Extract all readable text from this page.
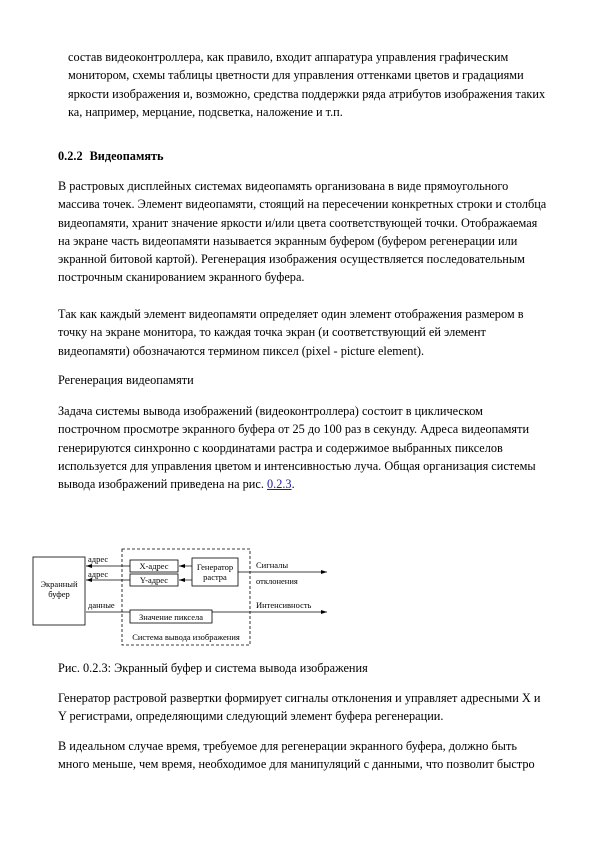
состав видеоконтроллера, как правило, входит аппаратура управления графическим монитором, схемы таблицы цветности для управления оттенками цветов и градациями яркости изображения и, возможно, средства поддержки ряда атрибутов изображения таких ка, например, мерцание, подсветка, наложение и т.п.
0.2.2 Видеопамять
В растровых дисплейных системах видеопамять организована в виде прямоугольного массива точек. Элемент видеопамяти, стоящий на пересечении конкретных строки и столбца видеопамяти, хранит значение яркости и/или цвета соответствующей точки. Отображаемая на экране часть видеопамяти называется экранным буфером (буфером регенерации или экранной битовой картой). Регенерация изображения осуществляется последовательным построчным сканированием экранного буфера.
Так как каждый элемент видеопамяти определяет один элемент отображения размером в точку на экране монитора, то каждая точка экран (и соответствующий ей элемент видеопамяти) обозначаются термином пиксел (pixel - picture element).
Регенерация видеопамяти
Задача системы вывода изображений (видеоконтроллера) состоит в циклическом построчном просмотре экранного буфера от 25 до 100 раз в секунду. Адреса видеопамяти генерируются синхронно с координатами растра и содержимое выбранных пикселов используется для управления цветом и интенсивностью луча. Общая организация системы вывода изображений приведена на рис. 0.2.3.
Экранный
буфер
X-адрес
Y-адрес
Генератор
растра
адрес
адрес
Сигналы
отклонения
данные	Интенсивность
Значение пиксела
Система вывода изображения
Рис. 0.2.3: Экранный буфер и система вывода изображения
Генератор растровой развертки формирует сигналы отклонения и управляет адресными X и Y регистрами, определяющими следующий элемент буфера регенерации.
В идеальном случае время, требуемое для регенерации экранного буфера, должно быть много меньше, чем время, необходимое для манипуляций с данными, что позволит быстро
